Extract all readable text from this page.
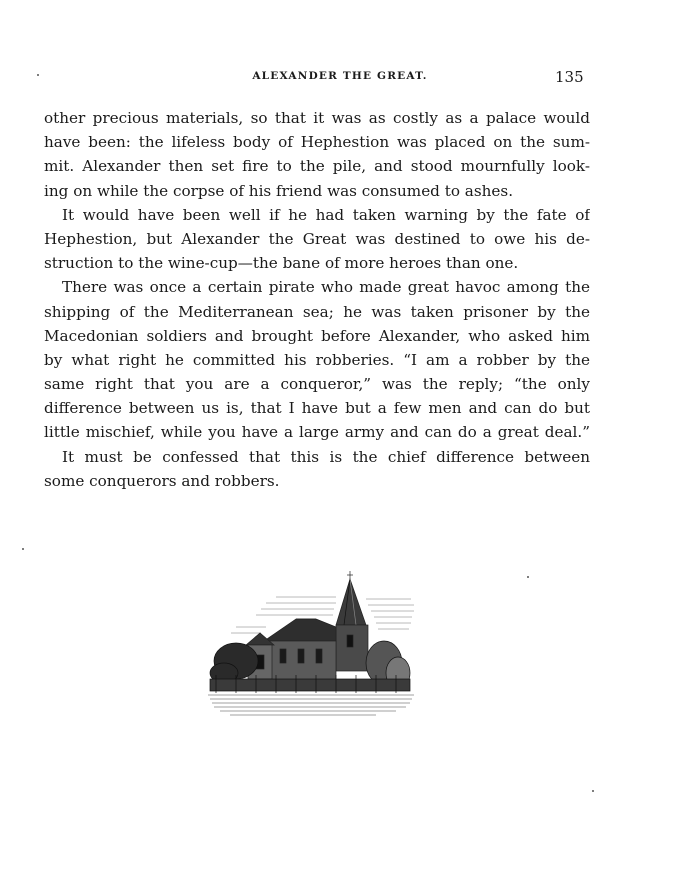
ALEXANDER THE GREAT.	135
other precious materials, so that it was as costly as a palace would
have been: the lifeless body of Hephestion was placed on the sum-
mit. Alexander then set fire to the pile, and stood mournfully look-
ing on while the corpse of his friend was consumed to ashes.
It would have been well if he had taken warning by the fate of
Hephestion, but Alexander the Great was destined to owe his de-
struction to the wine-cup—the bane of more heroes than one.
There was once a certain pirate who made great havoc among the
shipping of the Mediterranean sea; he was taken prisoner by the
Macedonian soldiers and brought before Alexander, who asked him
by what right he committed his robberies. “I am a robber by the
same right that you are a conqueror,” was the reply; “the only
difference between us is, that I have but a few men and can do but
little mischief, while you have a large army and can do a great deal.”
It must be confessed that this is the chief difference between
some conquerors and robbers.
